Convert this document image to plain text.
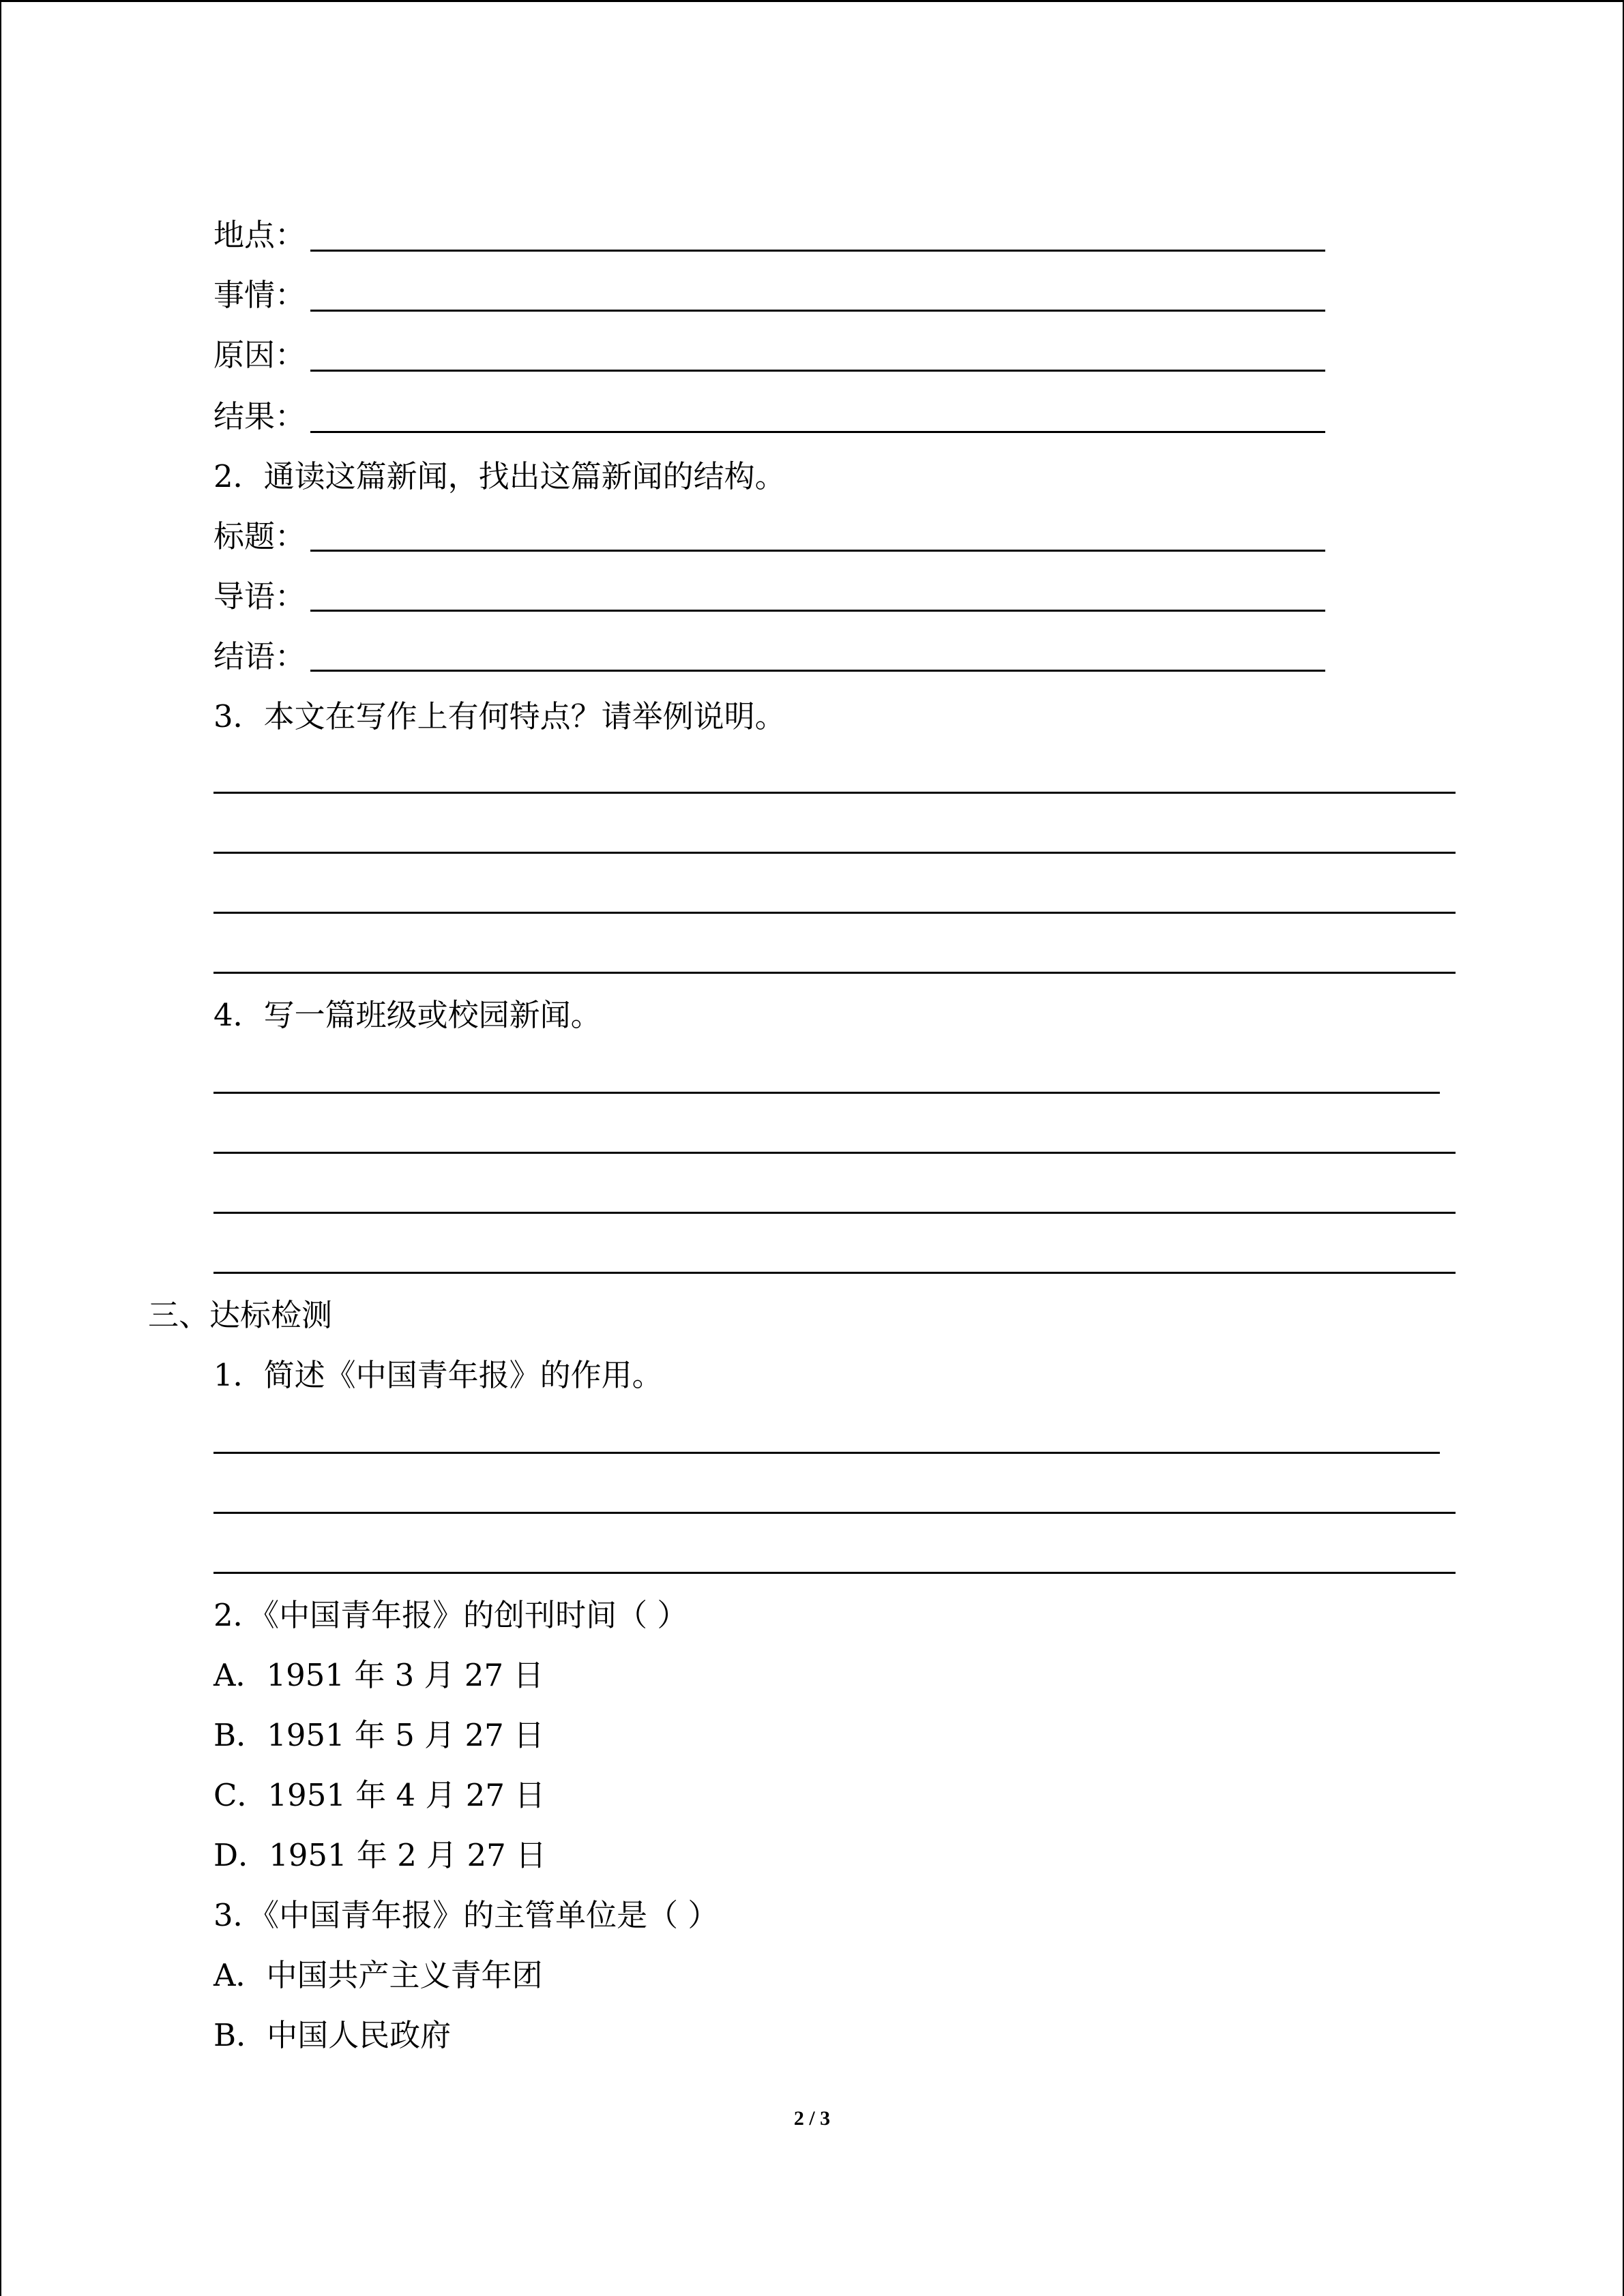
地点：
事情：
原因：
结果：
2．通读这篇新闻，找出这篇新闻的结构。
标题：
导语：
结语：
3．本文在写作上有何特点？请举例说明。
4．写一篇班级或校园新闻。
三、达标检测
1．简述《中国青年报》的作用。
2．《中国青年报》的创刊时间（ ）
A．1951 年 3 月 27 日
B．1951 年 5 月 27 日
C．1951 年 4 月 27 日
D．1951 年 2 月 27 日
3．《中国青年报》的主管单位是（ ）
A．中国共产主义青年团
B．中国人民政府
2 / 3
